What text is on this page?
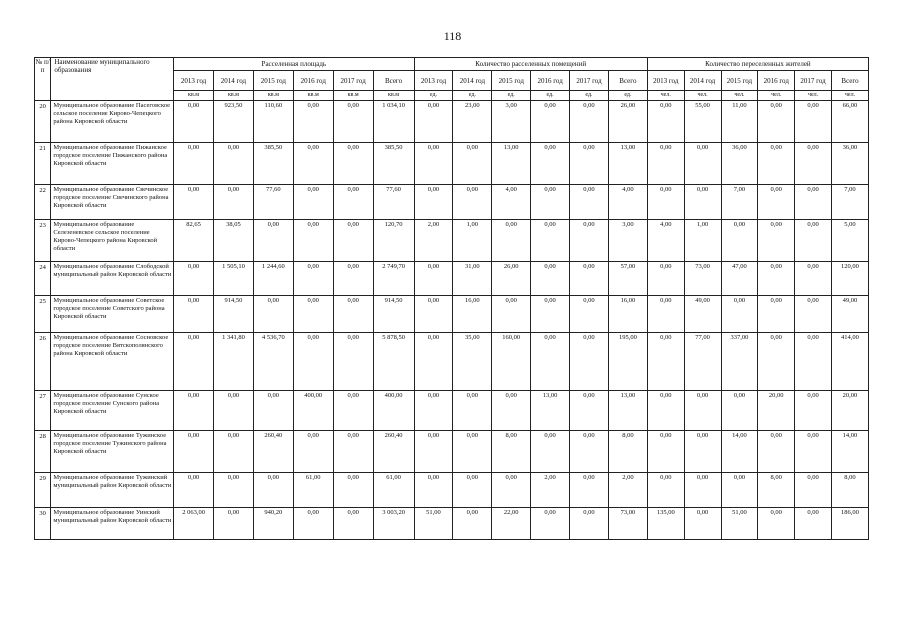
118
№ п/п	Наименование муниципального образования	Расселенная площадь						Количество расселенных помещений						Количество переселенных жителей					
		2013 год	2014 год	2015 год	2016 год	2017 год	Всего	2013 год	2014 год	2015 год	2016 год	2017 год	Всего	2013 год	2014 год	2015 год	2016 год	2017 год	Всего
		кв.м	кв.м	кв.м	кв.м	кв.м	кв.м	ед.	ед.	ед.	ед.	ед.	ед.	чел.	чел.	чел.	чел.	чел.	чел.
20	Муниципальное образование Пасеговское сельское поселение Кирово-Чепецкого района Кировской области	0,00	923,50	110,60	0,00	0,00	1 034,10	0,00	23,00	3,00	0,00	0,00	26,00	0,00	55,00	11,00	0,00	0,00	66,00

21	Муниципальное образование Пижанское городское поселение Пижанского района Кировской области	0,00	0,00	385,50	0,00	0,00	385,50	0,00	0,00	13,00	0,00	0,00	13,00	0,00	0,00	36,00	0,00	0,00	36,00

22	Муниципальное образование Свечинское городское поселение Свечинского района Кировской области	0,00	0,00	77,60	0,00	0,00	77,60	0,00	0,00	4,00	0,00	0,00	4,00	0,00	0,00	7,00	0,00	0,00	7,00

23	Муниципальное образование Селезеневское сельское поселение Кирово-Чепецкого района Кировской области	82,65	38,05	0,00	0,00	0,00	120,70	2,00	1,00	0,00	0,00	0,00	3,00	4,00	1,00	0,00	0,00	0,00	5,00

24	Муниципальное образование Слободской муниципальный район Кировской области	0,00	1 505,10	1 244,60	0,00	0,00	2 749,70	0,00	31,00	26,00	0,00	0,00	57,00	0,00	73,00	47,00	0,00	0,00	120,00

25	Муниципальное образование Советское городское поселение Советского района Кировской области	0,00	914,50	0,00	0,00	0,00	914,50	0,00	16,00	0,00	0,00	0,00	16,00	0,00	49,00	0,00	0,00	0,00	49,00

26	Муниципальное образование Сосновское городское поселение Вятскополянского района Кировской области	0,00	1 341,80	4 536,70	0,00	0,00	5 878,50	0,00	35,00	160,00	0,00	0,00	195,00	0,00	77,00	337,00	0,00	0,00	414,00

27	Муниципальное образование Сунское городское поселение Сунского района Кировской области	0,00	0,00	0,00	400,00	0,00	400,00	0,00	0,00	0,00	13,00	0,00	13,00	0,00	0,00	0,00	20,00	0,00	20,00

28	Муниципальное образование Тужинское городское поселение Тужинского района Кировской области	0,00	0,00	260,40	0,00	0,00	260,40	0,00	0,00	8,00	0,00	0,00	8,00	0,00	0,00	14,00	0,00	0,00	14,00

29	Муниципальное образование Тужинский муниципальный район Кировской области	0,00	0,00	0,00	61,00	0,00	61,00	0,00	0,00	0,00	2,00	0,00	2,00	0,00	0,00	0,00	8,00	0,00	8,00

30	Муниципальное образование Уинский муниципальный район Кировской области	2 063,00	0,00	940,20	0,00	0,00	3 003,20	51,00	0,00	22,00	0,00	0,00	73,00	135,00	0,00	51,00	0,00	0,00	186,00
